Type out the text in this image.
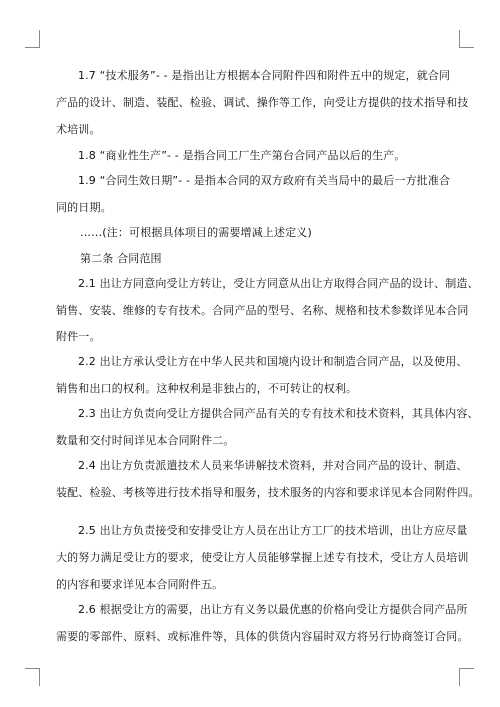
1.7 “技术服务”- - 是指出让方根据本合同附件四和附件五中的规定，就合同
产品的设计、制造、装配、检验、调试、操作等工作，向受让方提供的技术指导和技
术培训。
1.8 “商业性生产”- - 是指合同工厂生产第台合同产品以后的生产。
1.9 “合同生效日期”- - 是指本合同的双方政府有关当局中的最后一方批准合
同的日期。
……(注：可根据具体项目的需要增减上述定义)
第二条 合同范围
2.1 出让方同意向受让方转让，受让方同意从出让方取得合同产品的设计、制造、
销售、安装、维修的专有技术。合同产品的型号、名称、规格和技术参数详见本合同
附件一。
2.2 出让方承认受让方在中华人民共和国境内设计和制造合同产品，以及使用、
销售和出口的权利。这种权利是非独占的，不可转让的权利。
2.3 出让方负责向受让方提供合同产品有关的专有技术和技术资料，其具体内容、
数量和交付时间详见本合同附件二。
2.4 出让方负责派遣技术人员来华讲解技术资料，并对合同产品的设计、制造、
装配、检验、考核等进行技术指导和服务，技术服务的内容和要求详见本合同附件四。
2.5 出让方负责接受和安排受让方人员在出让方工厂的技术培训，出让方应尽量
大的努力满足受让方的要求，使受让方人员能够掌握上述专有技术，受让方人员培训
的内容和要求详见本合同附件五。
2.6 根据受让方的需要，出让方有义务以最优惠的价格向受让方提供合同产品所
需要的零部件、原料、或标准件等，具体的供货内容届时双方将另行协商签订合同。
